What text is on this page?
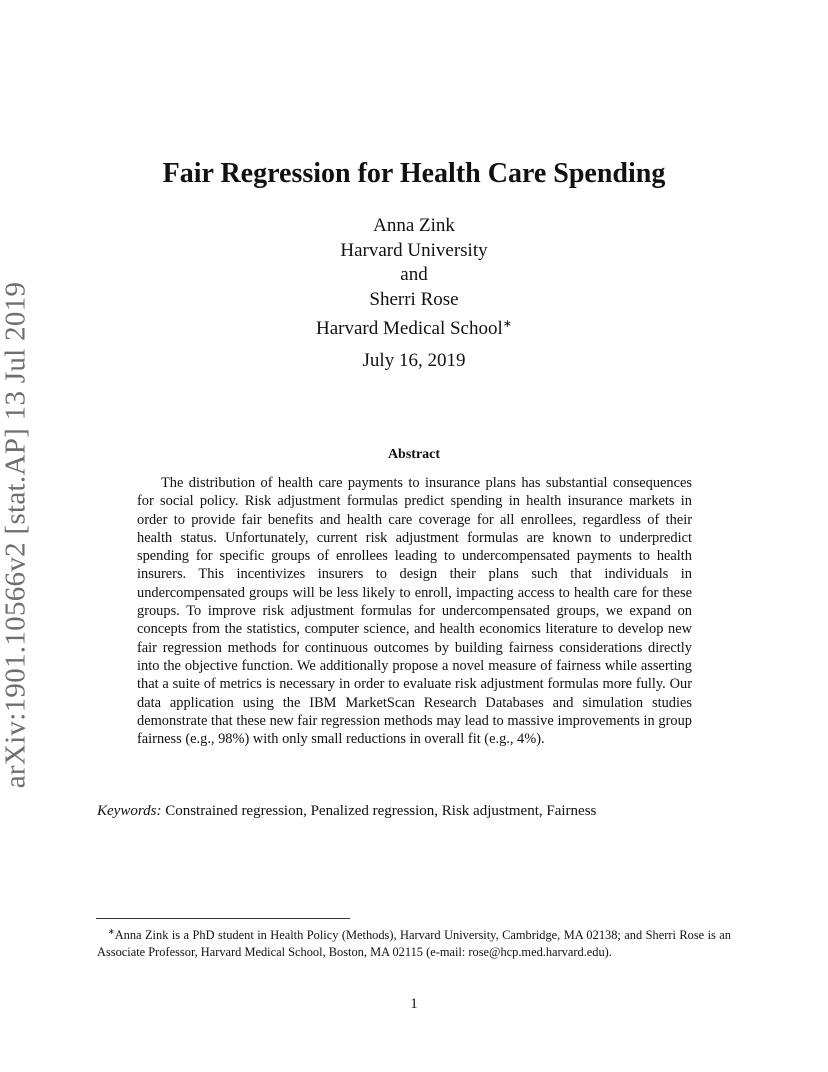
arXiv:1901.10566v2 [stat.AP] 13 Jul 2019
Fair Regression for Health Care Spending
Anna Zink
Harvard University
and
Sherri Rose
Harvard Medical School∗
July 16, 2019
Abstract

The distribution of health care payments to insurance plans has substantial consequences for social policy. Risk adjustment formulas predict spending in health insurance markets in order to provide fair benefits and health care coverage for all enrollees, regardless of their health status. Unfortunately, current risk adjustment formulas are known to underpredict spending for specific groups of enrollees leading to undercompensated payments to health insurers. This incentivizes insurers to design their plans such that individuals in undercompensated groups will be less likely to enroll, impacting access to health care for these groups. To improve risk adjustment formulas for undercompensated groups, we expand on concepts from the statistics, computer science, and health economics literature to develop new fair regression methods for continuous outcomes by building fairness considerations directly into the objective function. We additionally propose a novel measure of fairness while asserting that a suite of metrics is necessary in order to evaluate risk adjustment formulas more fully. Our data application using the IBM MarketScan Research Databases and simulation studies demonstrate that these new fair regression methods may lead to massive improvements in group fairness (e.g., 98%) with only small reductions in overall fit (e.g., 4%).

Keywords: Constrained regression, Penalized regression, Risk adjustment, Fairness

∗Anna Zink is a PhD student in Health Policy (Methods), Harvard University, Cambridge, MA 02138; and Sherri Rose is an Associate Professor, Harvard Medical School, Boston, MA 02115 (e-mail: rose@hcp.med.harvard.edu).

1
